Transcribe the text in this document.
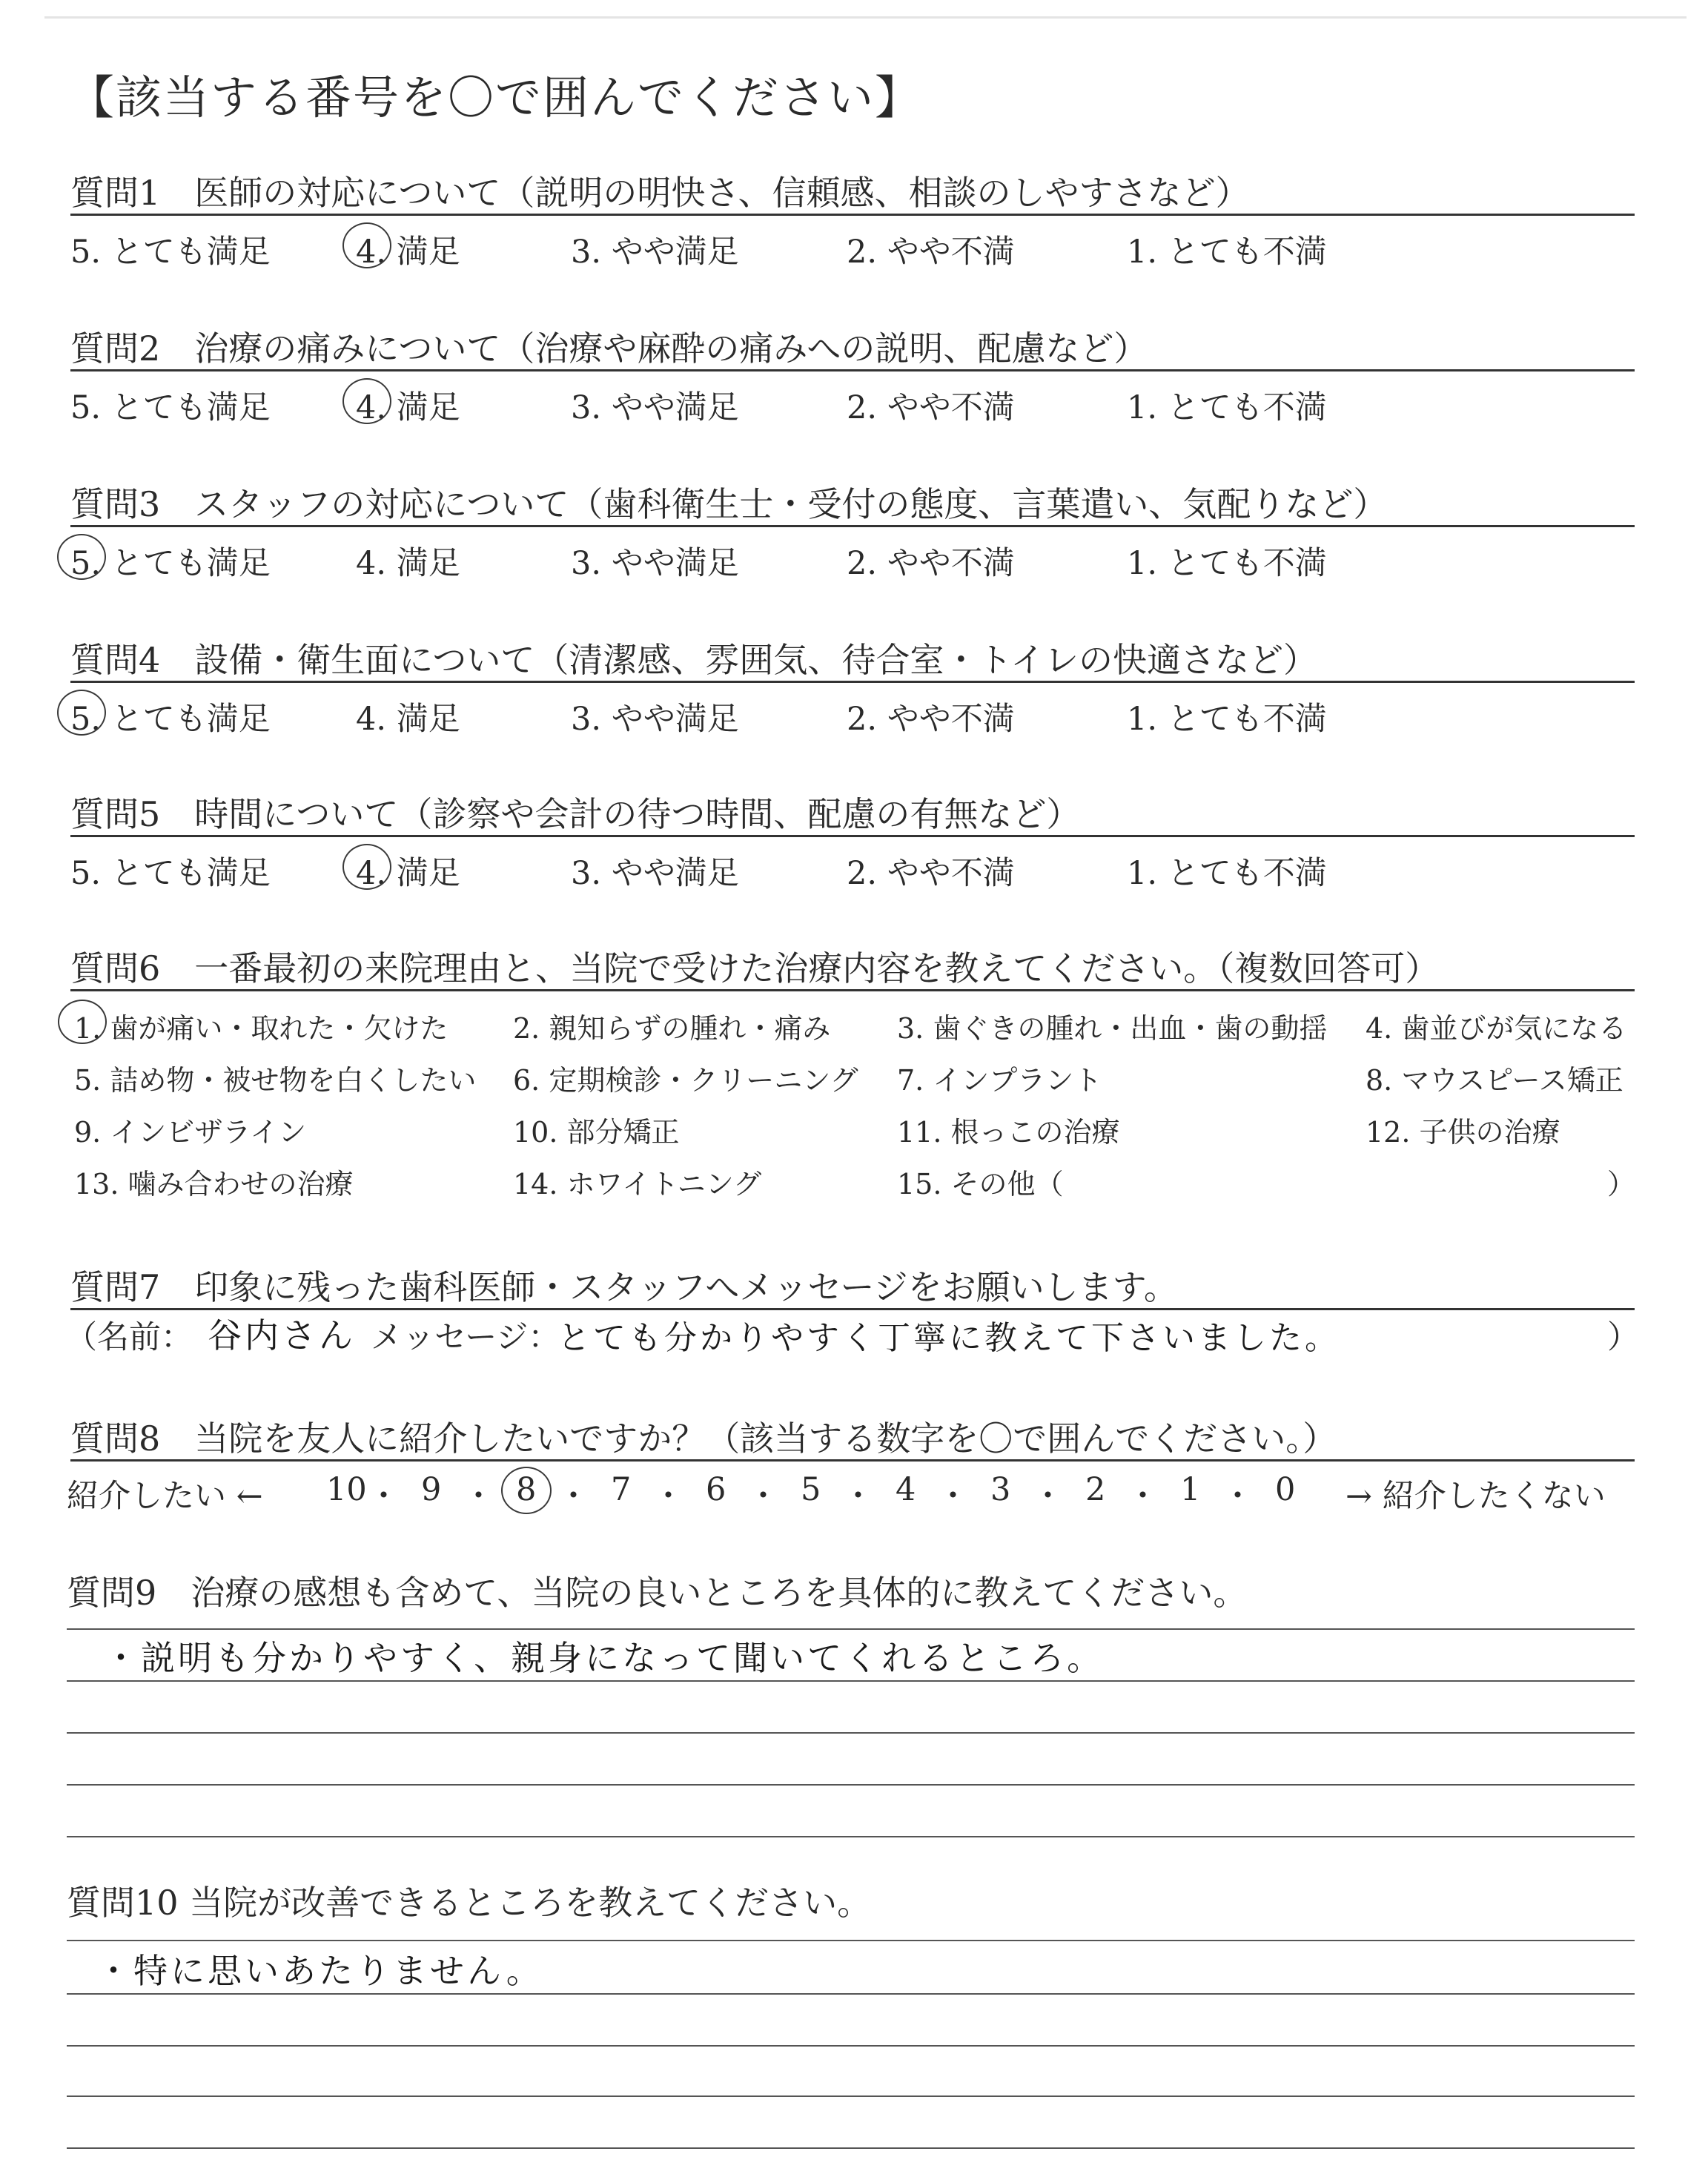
【該当する番号を〇で囲んでください】
質問1　医師の対応について（説明の明快さ、信頼感、相談のしやすさなど）
質問2　治療の痛みについて（治療や麻酔の痛みへの説明、配慮など）
質問3　スタッフの対応について（歯科衛生士・受付の態度、言葉遣い、気配りなど）
質問4　設備・衛生面について（清潔感、雰囲気、待合室・トイレの快適さなど）
質問5　時間について（診察や会計の待つ時間、配慮の有無など）
5. とても満足	4. 満足	3. やや満足	2. やや不満	1. とても不満
5. とても満足	4. 満足	3. やや満足	2. やや不満	1. とても不満
5. とても満足	4. 満足	3. やや満足	2. やや不満	1. とても不満
5. とても満足	4. 満足	3. やや満足	2. やや不満	1. とても不満
5. とても満足	4. 満足	3. やや満足	2. やや不満	1. とても不満
質問6　一番最初の来院理由と、当院で受けた治療内容を教えてください。（複数回答可）
1. 歯が痛い・取れた・欠けた 2. 親知らずの腫れ・痛み 3. 歯ぐきの腫れ・出血・歯の動揺 4. 歯並びが気になる
5. 詰め物・被せ物を白くしたい 6. 定期検診・クリーニング 7. インプラント	8. マウスピース矯正
9. インビザライン	10. 部分矯正	11. 根っこの治療	12. 子供の治療
13. 噛み合わせの治療	14. ホワイトニング	15. その他（	）
質問7　印象に残った歯科医師・スタッフへメッセージをお願いします。
（名前： 谷内さん メッセージ：
とても分かりやすく丁寧に教えて下さいました。	）
質問8　当院を友人に紹介したいですか？（該当する数字を〇で囲んでください。）
紹介したい ←	→ 紹介したくない
10 ・ 9 ・ 8 ・ 7 ・ 6 ・ 5 ・ 4 ・ 3 ・ 2 ・ 1 ・ 0
質問9　治療の感想も含めて、当院の良いところを具体的に教えてください。
・説明も分かりやすく、親身になって聞いてくれるところ。
質問10 当院が改善できるところを教えてください。
・特に思いあたりません。
